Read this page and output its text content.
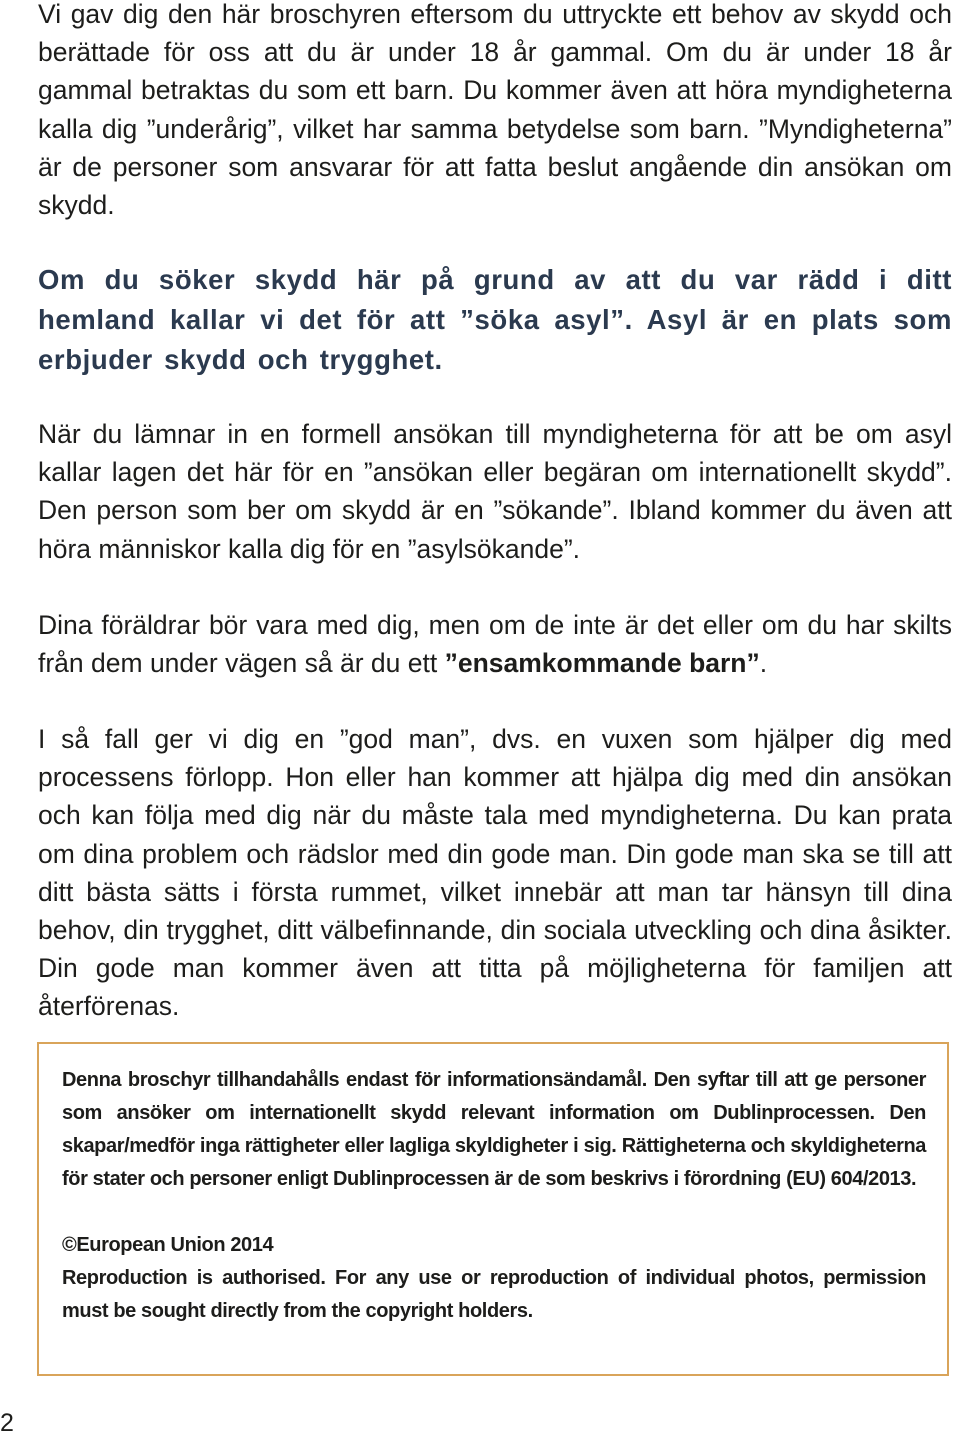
Vi gav dig den här broschyren eftersom du uttryckte ett behov av skydd och berättade för oss att du är under 18 år gammal. Om du är under 18 år gammal betraktas du som ett barn. Du kommer även att höra myndigheterna kalla dig ”underårig”, vilket har samma betydelse som barn. ”Myndigheterna” är de personer som ansvarar för att fatta beslut angående din ansökan om skydd.

Om du söker skydd här på grund av att du var rädd i ditt hemland kallar vi det för att ”söka asyl”. Asyl är en plats som erbjuder skydd och trygghet.

När du lämnar in en formell ansökan till myndigheterna för att be om asyl kallar lagen det här för en ”ansökan eller begäran om internationellt skydd”. Den person som ber om skydd är en ”sökande”. Ibland kommer du även att höra människor kalla dig för en ”asylsökande”.

Dina föräldrar bör vara med dig, men om de inte är det eller om du har skilts från dem under vägen så är du ett ”ensamkommande barn”.

I så fall ger vi dig en ”god man”, dvs. en vuxen som hjälper dig med processens förlopp. Hon eller han kommer att hjälpa dig med din ansökan och kan följa med dig när du måste tala med myndigheterna. Du kan prata om dina problem och rädslor med din gode man. Din gode man ska se till att ditt bästa sätts i första rummet, vilket innebär att man tar hänsyn till dina behov, din trygghet, ditt välbefinnande, din sociala utveckling och dina åsikter. Din gode man kommer även att titta på möjligheterna för familjen att återförenas.

Denna broschyr tillhandahålls endast för informationsändamål. Den syftar till att ge personer som ansöker om internationellt skydd relevant information om Dublinprocessen. Den skapar/medför inga rättigheter eller lagliga skyldigheter i sig. Rättigheterna och skyldigheterna för stater och personer enligt Dublinprocessen är de som beskrivs i förordning (EU) 604/2013.

©European Union 2014

Reproduction is authorised. For any use or reproduction of individual photos, permission must be sought directly from the copyright holders.

2
